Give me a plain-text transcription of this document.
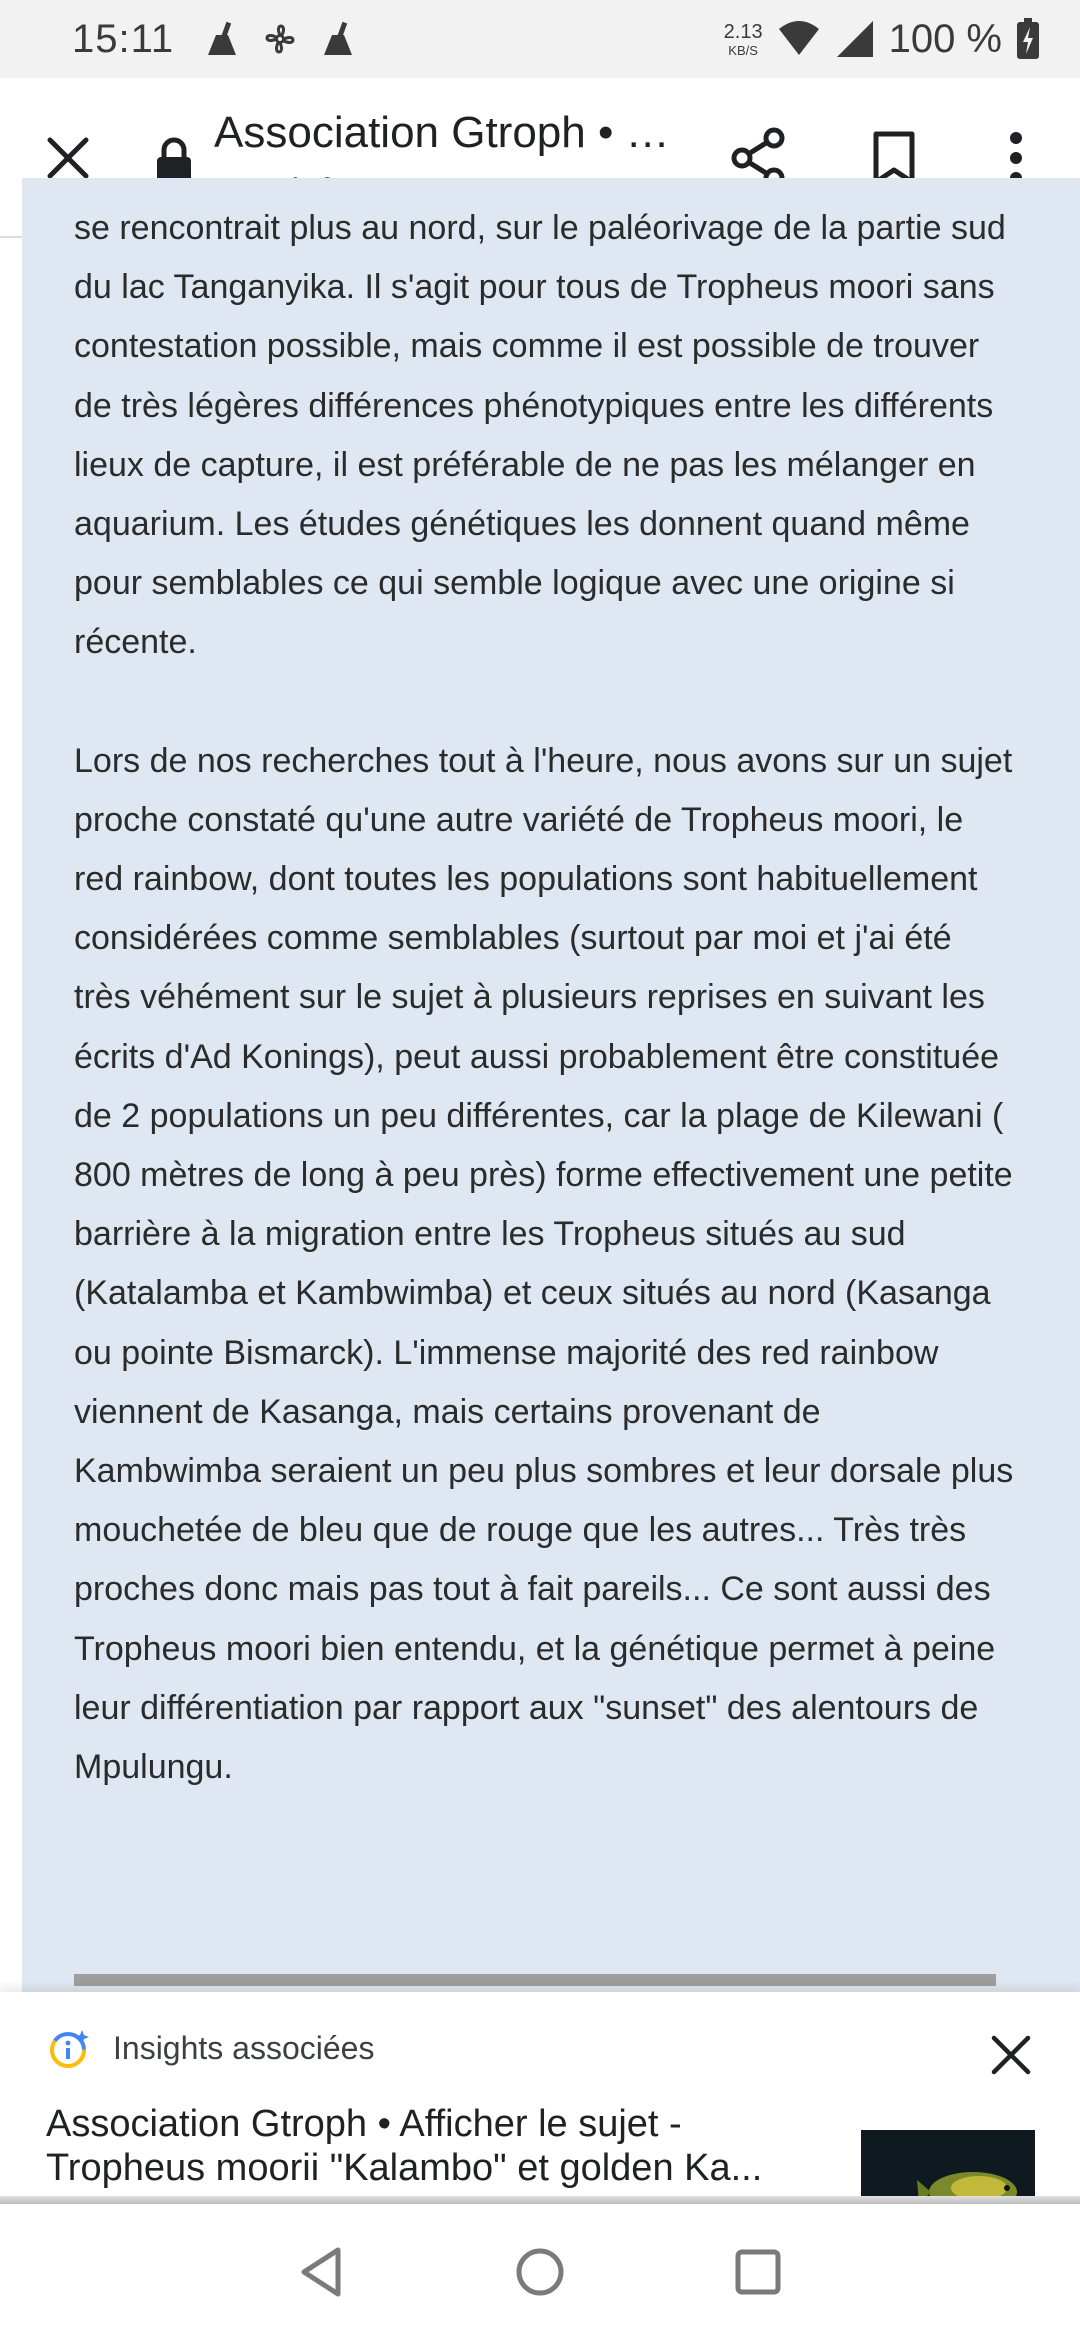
15:11	2.13
KB/S	100 %
Association Gtroph • …
se rencontrait plus au nord, sur le paléorivage de la partie sud du lac Tanganyika. Il s'agit pour tous de Tropheus moori sans contestation possible, mais comme il est possible de trouver de très légères différences phénotypiques entre les différents lieux de capture, il est préférable de ne pas les mélanger en aquarium. Les études génétiques les donnent quand même pour semblables ce qui semble logique avec une origine si récente.
Lors de nos recherches tout à l'heure, nous avons sur un sujet proche constaté qu'une autre variété de Tropheus moori, le red rainbow, dont toutes les populations sont habituellement considérées comme semblables (surtout par moi et j'ai été très véhément sur le sujet à plusieurs reprises en suivant les écrits d'Ad Konings), peut aussi probablement être constituée de 2 populations un peu différentes, car la plage de Kilewani ( 800 mètres de long à peu près) forme effectivement une petite barrière à la migration entre les Tropheus situés au sud (Katalamba et Kambwimba) et ceux situés au nord (Kasanga ou pointe Bismarck). L'immense majorité des red rainbow viennent de Kasanga, mais certains provenant de Kambwimba seraient un peu plus sombres et leur dorsale plus mouchetée de bleu que de rouge que les autres... Très très proches donc mais pas tout à fait pareils... Ce sont aussi des Tropheus moori bien entendu, et la génétique permet à peine leur différentiation par rapport aux "sunset" des alentours de Mpulungu.
Insights associées
Association Gtroph • Afficher le sujet - Tropheus moorii "Kalambo" et golden Ka...
